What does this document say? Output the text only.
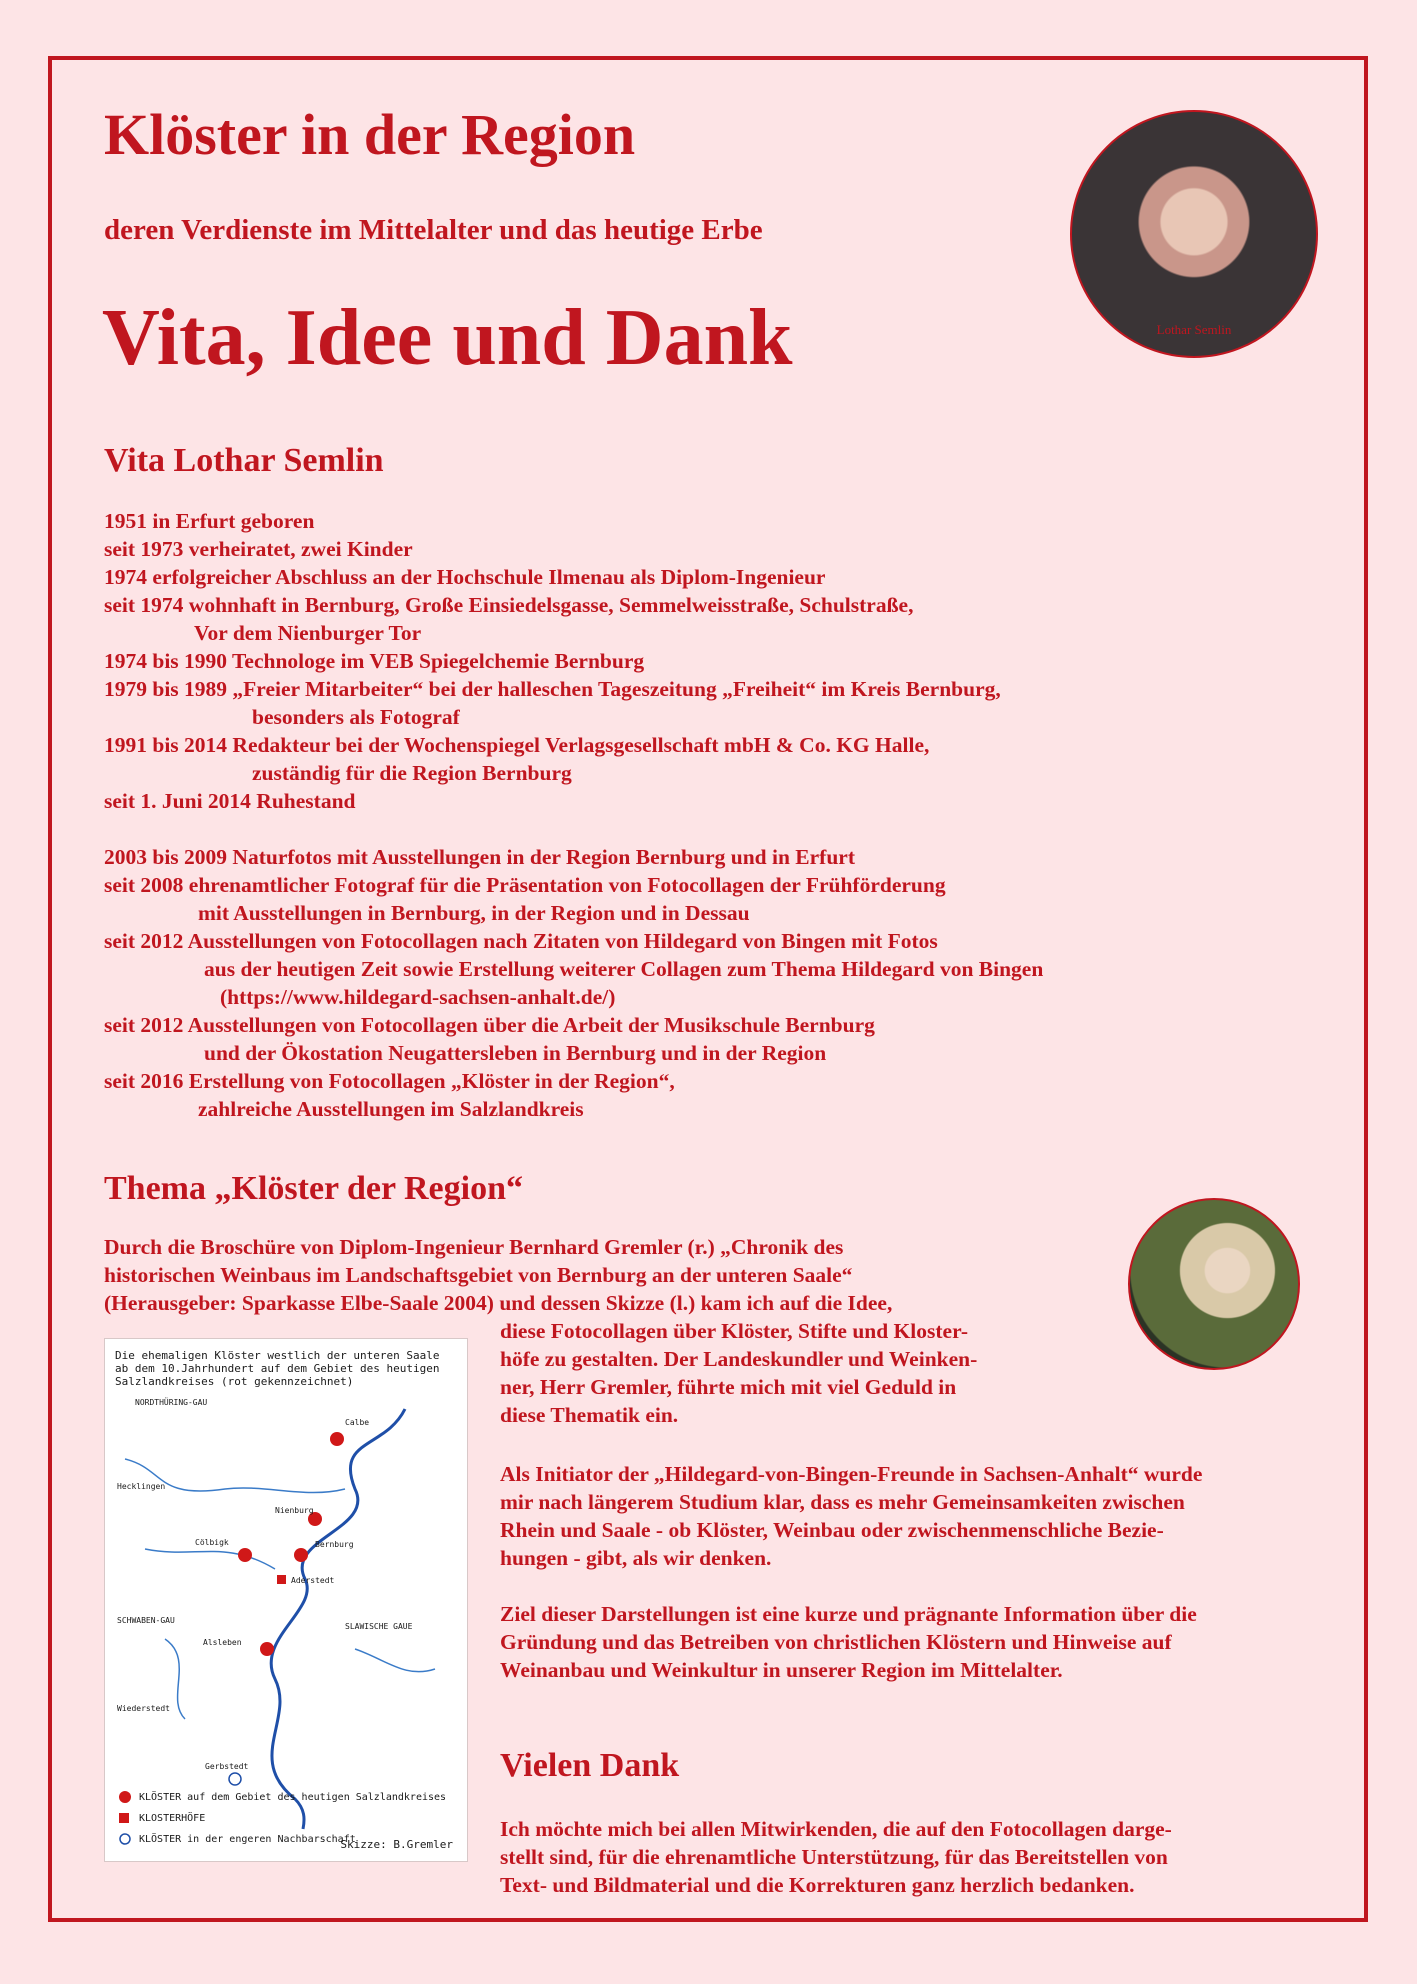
Klöster in der Region
deren Verdienste im Mittelalter und das heutige Erbe
Vita, Idee und Dank	Lothar Semlin
Vita Lothar Semlin
1951 in Erfurt geboren
seit 1973 verheiratet, zwei Kinder
1974 erfolgreicher Abschluss an der Hochschule Ilmenau als Diplom-Ingenieur
seit 1974 wohnhaft in Bernburg, Große Einsiedelsgasse, Semmelweisstraße, Schulstraße,
Vor dem Nienburger Tor
1974 bis 1990 Technologe im VEB Spiegelchemie Bernburg
1979 bis 1989 „Freier Mitarbeiter“ bei der halleschen Tageszeitung „Freiheit“ im Kreis Bernburg,
besonders als Fotograf
1991 bis 2014 Redakteur bei der Wochenspiegel Verlagsgesellschaft mbH & Co. KG Halle,
zuständig für die Region Bernburg
seit 1. Juni 2014 Ruhestand
2003 bis 2009 Naturfotos mit Ausstellungen in der Region Bernburg und in Erfurt
seit 2008 ehrenamtlicher Fotograf für die Präsentation von Fotocollagen der Frühförderung
mit Ausstellungen in Bernburg, in der Region und in Dessau
seit 2012 Ausstellungen von Fotocollagen nach Zitaten von Hildegard von Bingen mit Fotos
aus der heutigen Zeit sowie Erstellung weiterer Collagen zum Thema Hildegard von Bingen
(https://www.hildegard-sachsen-anhalt.de/)
seit 2012 Ausstellungen von Fotocollagen über die Arbeit der Musikschule Bernburg
und der Ökostation Neugattersleben in Bernburg und in der Region
seit 2016 Erstellung von Fotocollagen „Klöster in der Region“,
zahlreiche Ausstellungen im Salzlandkreis
Thema „Klöster der Region“
Durch die Broschüre von Diplom-Ingenieur Bernhard Gremler (r.) „Chronik des
historischen Weinbaus im Landschaftsgebiet von Bernburg an der unteren Saale“
(Herausgeber: Sparkasse Elbe-Saale 2004) und dessen Skizze (l.) kam ich auf die Idee,
diese Fotocollagen über Klöster, Stifte und Kloster-
höfe zu gestalten. Der Landeskundler und Weinken-
ner, Herr Gremler, führte mich mit viel Geduld in
diese Thematik ein.
Als Initiator der „Hildegard-von-Bingen-Freunde in Sachsen-Anhalt“ wurde
mir nach längerem Studium klar, dass es mehr Gemeinsamkeiten zwischen
Rhein und Saale - ob Klöster, Weinbau oder zwischenmenschliche Bezie-
hungen - gibt, als wir denken.
Ziel dieser Darstellungen ist eine kurze und prägnante Information über die
Gründung und das Betreiben von christlichen Klöstern und Hinweise auf
Weinanbau und Weinkultur in unserer Region im Mittelalter.
Die ehemaligen Klöster westlich der unteren Saale
ab dem 10.Jahrhundert auf dem Gebiet des heutigen
Salzlandkreises (rot gekennzeichnet)
NORDTHÜRING-GAU
Calbe
Hecklingen
Nienburg
Cölbigk	Bernburg
Aderstedt
SCHWABEN-GAU
SLAWISCHE GAUE
Alsleben
Wiederstedt
Gerbstedt
KLÖSTER auf dem Gebiet des heutigen Salzlandkreises
KLOSTERHÖFE
KLÖSTER in der engeren Nachbarschaft
Skizze: B.Gremler
Vielen Dank
Ich möchte mich bei allen Mitwirkenden, die auf den Fotocollagen darge-
stellt sind, für die ehrenamtliche Unterstützung, für das Bereitstellen von
Text- und Bildmaterial und die Korrekturen ganz herzlich bedanken.
